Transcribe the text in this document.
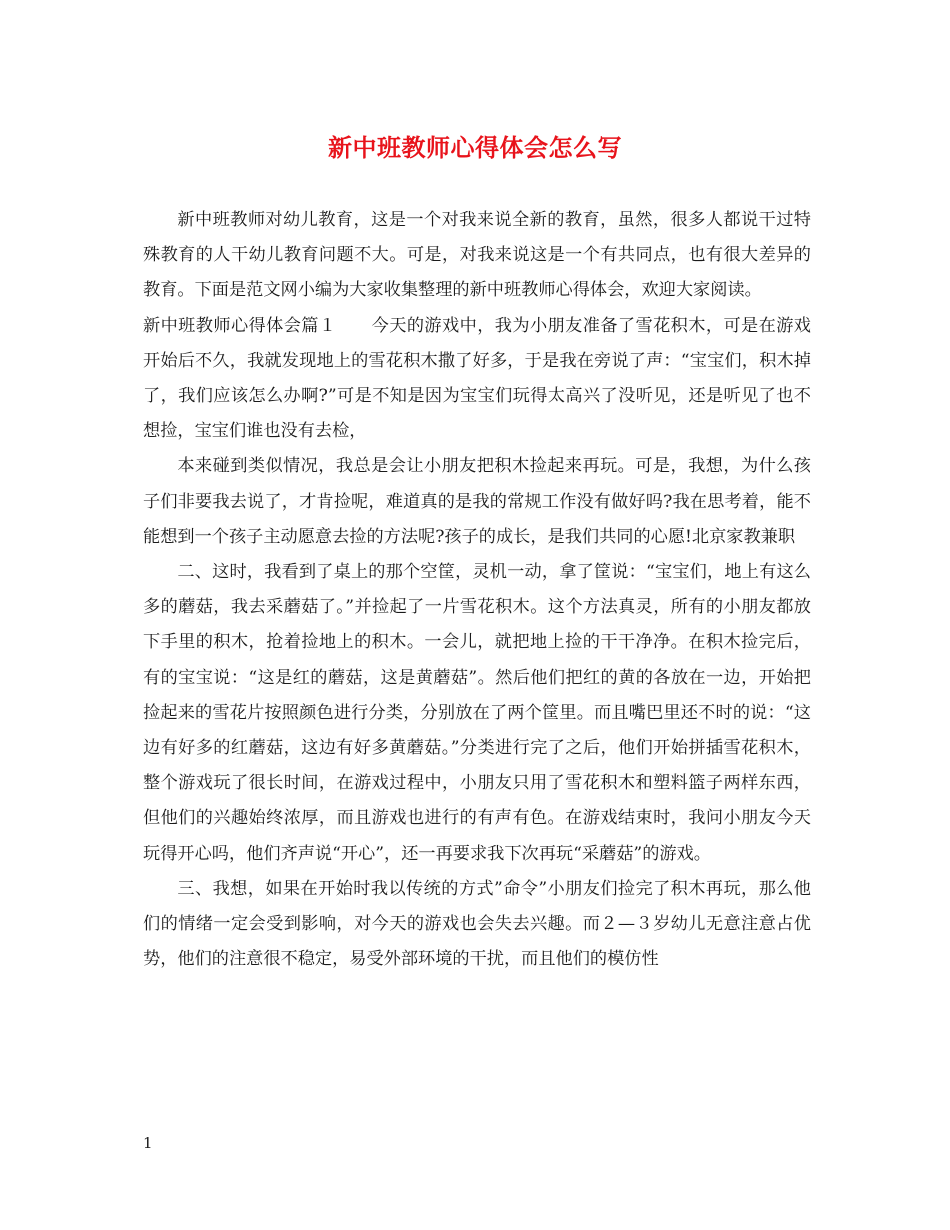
新中班教师心得体会怎么写

新中班教师对幼儿教育，这是一个对我来说全新的教育，虽然，很多人都说干过特殊教育的人干幼儿教育问题不大。可是，对我来说这是一个有共同点，也有很大差异的教育。下面是范文网小编为大家收集整理的新中班教师心得体会，欢迎大家阅读。

新中班教师心得体会篇１　　今天的游戏中，我为小朋友准备了雪花积木，可是在游戏开始后不久，我就发现地上的雪花积木撒了好多，于是我在旁说了声：“宝宝们，积木掉了，我们应该怎么办啊?”可是不知是因为宝宝们玩得太高兴了没听见，还是听见了也不想捡，宝宝们谁也没有去检，

本来碰到类似情况，我总是会让小朋友把积木捡起来再玩。可是，我想，为什么孩子们非要我去说了，才肯捡呢，难道真的是我的常规工作没有做好吗?我在思考着，能不能想到一个孩子主动愿意去捡的方法呢?孩子的成长，是我们共同的心愿!北京家教兼职

二、这时，我看到了桌上的那个空筐，灵机一动，拿了筐说：“宝宝们，地上有这么多的蘑菇，我去采蘑菇了。”并捡起了一片雪花积木。这个方法真灵，所有的小朋友都放下手里的积木，抢着捡地上的积木。一会儿，就把地上捡的干干净净。在积木捡完后，有的宝宝说：“这是红的蘑菇，这是黄蘑菇”。然后他们把红的黄的各放在一边，开始把捡起来的雪花片按照颜色进行分类，分别放在了两个筐里。而且嘴巴里还不时的说：“这边有好多的红蘑菇，这边有好多黄蘑菇。”分类进行完了之后，他们开始拼插雪花积木，整个游戏玩了很长时间，在游戏过程中，小朋友只用了雪花积木和塑料篮子两样东西，但他们的兴趣始终浓厚，而且游戏也进行的有声有色。在游戏结束时，我问小朋友今天玩得开心吗，他们齐声说“开心”，还一再要求我下次再玩“采蘑菇”的游戏。

三、我想，如果在开始时我以传统的方式”命令”小朋友们捡完了积木再玩，那么他们的情绪一定会受到影响，对今天的游戏也会失去兴趣。而２—３岁幼儿无意注意占优势，他们的注意很不稳定，易受外部环境的干扰，而且他们的模仿性

1
